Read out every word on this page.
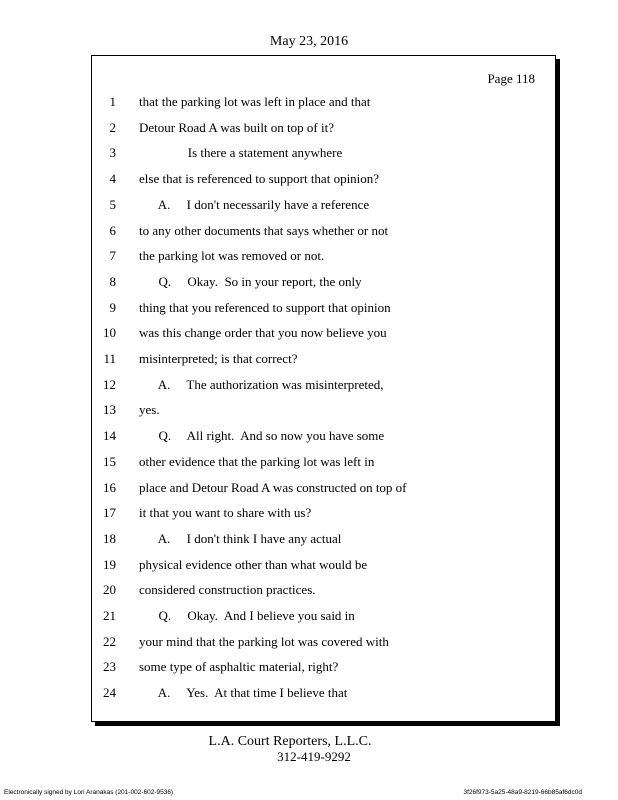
May 23, 2016
Page 118
1 that the parking lot was left in place and that
2 Detour Road A was built on top of it?
3 Is there a statement anywhere
4 else that is referenced to support that opinion?
5 A.     I don't necessarily have a reference
6 to any other documents that says whether or not
7 the parking lot was removed or not.
8 Q.     Okay.  So in your report, the only
9 thing that you referenced to support that opinion
10 was this change order that you now believe you
11 misinterpreted; is that correct?
12 A.     The authorization was misinterpreted,
13 yes.
14 Q.     All right.  And so now you have some
15 other evidence that the parking lot was left in
16 place and Detour Road A was constructed on top of
17 it that you want to share with us?
18 A.     I don't think I have any actual
19 physical evidence other than what would be
20 considered construction practices.
21 Q.     Okay.  And I believe you said in
22 your mind that the parking lot was covered with
23 some type of asphaltic material, right?
24 A.     Yes.  At that time I believe that
L.A. Court Reporters, L.L.C.
312-419-9292
Electronically signed by Lori Aranakas (201-002-602-9536)	3f26f973-5a25-48a9-8219-66b85af6dc0d
